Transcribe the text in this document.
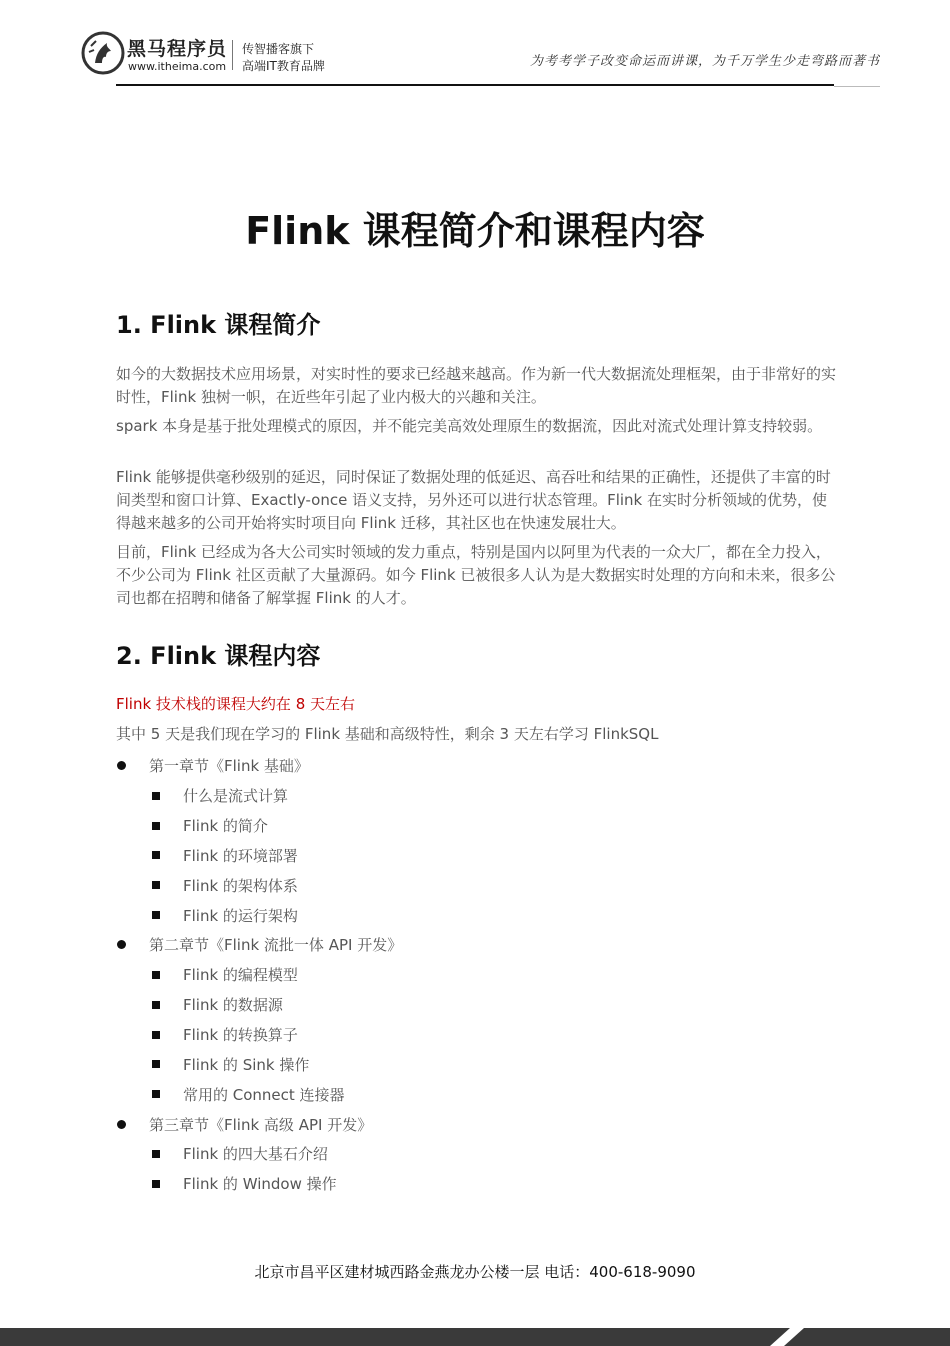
黑马程序员
www.itheima.com
传智播客旗下
高端IT教育品牌	为考考学子改变命运而讲课，为千万学生少走弯路而著书
Flink 课程简介和课程内容
1. Flink 课程简介

如今的大数据技术应用场景，对实时性的要求已经越来越高。作为新一代大数据流处理框架，由于非常好的实时性，Flink 独树一帜，在近些年引起了业内极大的兴趣和关注。

spark 本身是基于批处理模式的原因，并不能完美高效处理原生的数据流，因此对流式处理计算支持较弱。

Flink 能够提供毫秒级别的延迟，同时保证了数据处理的低延迟、高吞吐和结果的正确性，还提供了丰富的时间类型和窗口计算、Exactly-once 语义支持，另外还可以进行状态管理。Flink 在实时分析领域的优势，使得越来越多的公司开始将实时项目向 Flink 迁移，其社区也在快速发展壮大。

目前，Flink 已经成为各大公司实时领域的发力重点，特别是国内以阿里为代表的一众大厂，都在全力投入，不少公司为 Flink 社区贡献了大量源码。如今 Flink 已被很多人认为是大数据实时处理的方向和未来，很多公司也都在招聘和储备了解掌握 Flink 的人才。

2. Flink 课程内容

Flink 技术栈的课程大约在 8 天左右

其中 5 天是我们现在学习的 Flink 基础和高级特性，剩余 3 天左右学习 FlinkSQL

第一章节《Flink 基础》
什么是流式计算
Flink 的简介
Flink 的环境部署
Flink 的架构体系
Flink 的运行架构
第二章节《Flink 流批一体 API 开发》
Flink 的编程模型
Flink 的数据源
Flink 的转换算子
Flink 的 Sink 操作
常用的 Connect 连接器
第三章节《Flink 高级 API 开发》
Flink 的四大基石介绍
Flink 的 Window 操作
北京市昌平区建材城西路金燕龙办公楼一层 电话：400-618-9090
